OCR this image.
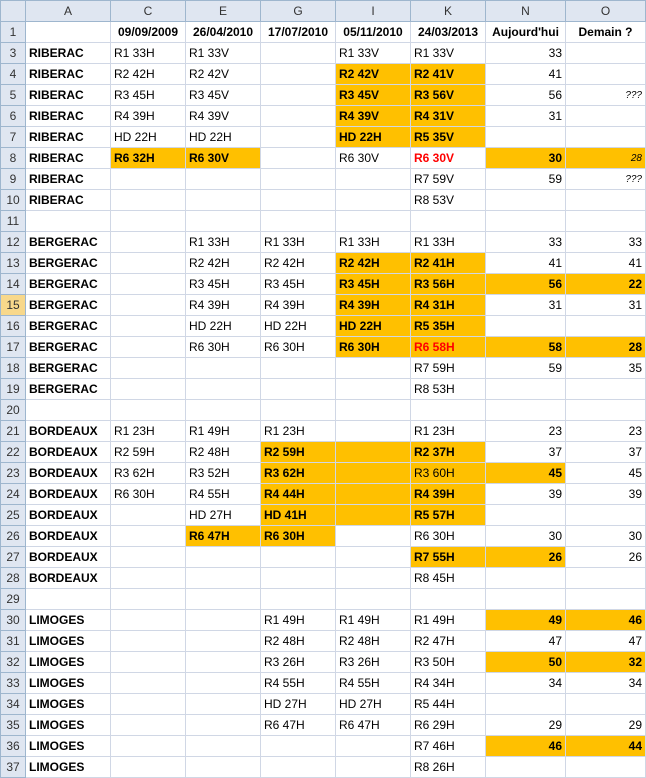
	A	C	E	G	I	K	N	O
1		09/09/2009	26/04/2010	17/07/2010	05/11/2010	24/03/2013	Aujourd'hui	Demain ?
3	RIBERAC	R1 33H	R1 33V		R1 33V	R1 33V	33	
4	RIBERAC	R2 42H	R2 42V		R2 42V	R2 41V	41	
5	RIBERAC	R3 45H	R3 45V		R3 45V	R3 56V	56	???
6	RIBERAC	R4 39H	R4 39V		R4 39V	R4 31V	31	
7	RIBERAC	HD 22H	HD 22H		HD 22H	R5 35V		
8	RIBERAC	R6 32H	R6 30V		R6 30V	R6 30V	30	28
9	RIBERAC					R7 59V	59	???
10	RIBERAC					R8 53V		
11								
12	BERGERAC		R1 33H	R1 33H	R1 33H	R1 33H	33	33
13	BERGERAC		R2 42H	R2 42H	R2 42H	R2 41H	41	41
14	BERGERAC		R3 45H	R3 45H	R3 45H	R3 56H	56	22
15	BERGERAC		R4 39H	R4 39H	R4 39H	R4 31H	31	31
16	BERGERAC		HD 22H	HD 22H	HD 22H	R5 35H		
17	BERGERAC		R6 30H	R6 30H	R6 30H	R6 58H	58	28
18	BERGERAC					R7 59H	59	35
19	BERGERAC					R8 53H		
20								
21	BORDEAUX	R1 23H	R1 49H	R1 23H		R1 23H	23	23
22	BORDEAUX	R2 59H	R2 48H	R2 59H		R2 37H	37	37
23	BORDEAUX	R3 62H	R3 52H	R3 62H		R3 60H	45	45
24	BORDEAUX	R6 30H	R4 55H	R4 44H		R4 39H	39	39
25	BORDEAUX		HD 27H	HD 41H		R5 57H		
26	BORDEAUX		R6 47H	R6 30H		R6 30H	30	30
27	BORDEAUX					R7 55H	26	26
28	BORDEAUX					R8 45H		
29								
30	LIMOGES			R1 49H	R1 49H	R1 49H	49	46
31	LIMOGES			R2 48H	R2 48H	R2 47H	47	47
32	LIMOGES			R3 26H	R3 26H	R3 50H	50	32
33	LIMOGES			R4 55H	R4 55H	R4 34H	34	34
34	LIMOGES			HD 27H	HD 27H	R5 44H		
35	LIMOGES			R6 47H	R6 47H	R6 29H	29	29
36	LIMOGES					R7 46H	46	44
37	LIMOGES					R8 26H		
